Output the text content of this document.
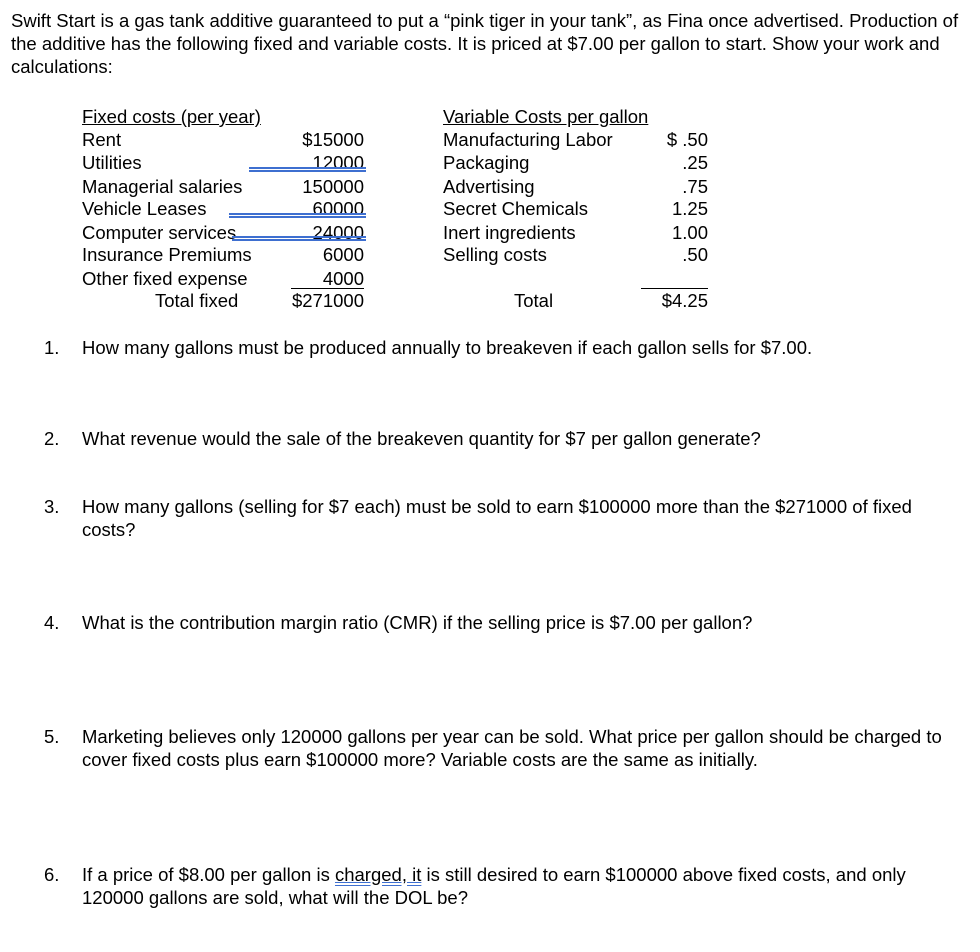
Swift Start is a gas tank additive guaranteed to put a “pink tiger in your tank”, as Fina once advertised. Production of the additive has the following fixed and variable costs. It is priced at $7.00 per gallon to start. Show your work and calculations:

Fixed costs (per year)
Rent	$15000
Utilities	12000
Managerial salaries	150000
Vehicle Leases	60000
Computer services	24000
Insurance Premiums	6000
Other fixed expense	4000
Total fixed	$271000
Variable Costs per gallon
Manufacturing Labor	$ .50
Packaging	.25
Advertising	.75
Secret Chemicals	1.25
Inert ingredients	1.00
Selling costs	.50
Total	$4.25
1. How many gallons must be produced annually to breakeven if each gallon sells for $7.00.
2. What revenue would the sale of the breakeven quantity for $7 per gallon generate?
3. How many gallons (selling for $7 each) must be sold to earn $100000 more than the $271000 of fixed costs?
4. What is the contribution margin ratio (CMR) if the selling price is $7.00 per gallon?
5. Marketing believes only 120000 gallons per year can be sold. What price per gallon should be charged to cover fixed costs plus earn $100000 more? Variable costs are the same as initially.
6. If a price of $8.00 per gallon is charged, it is still desired to earn $100000 above fixed costs, and only 120000 gallons are sold, what will the DOL be?
